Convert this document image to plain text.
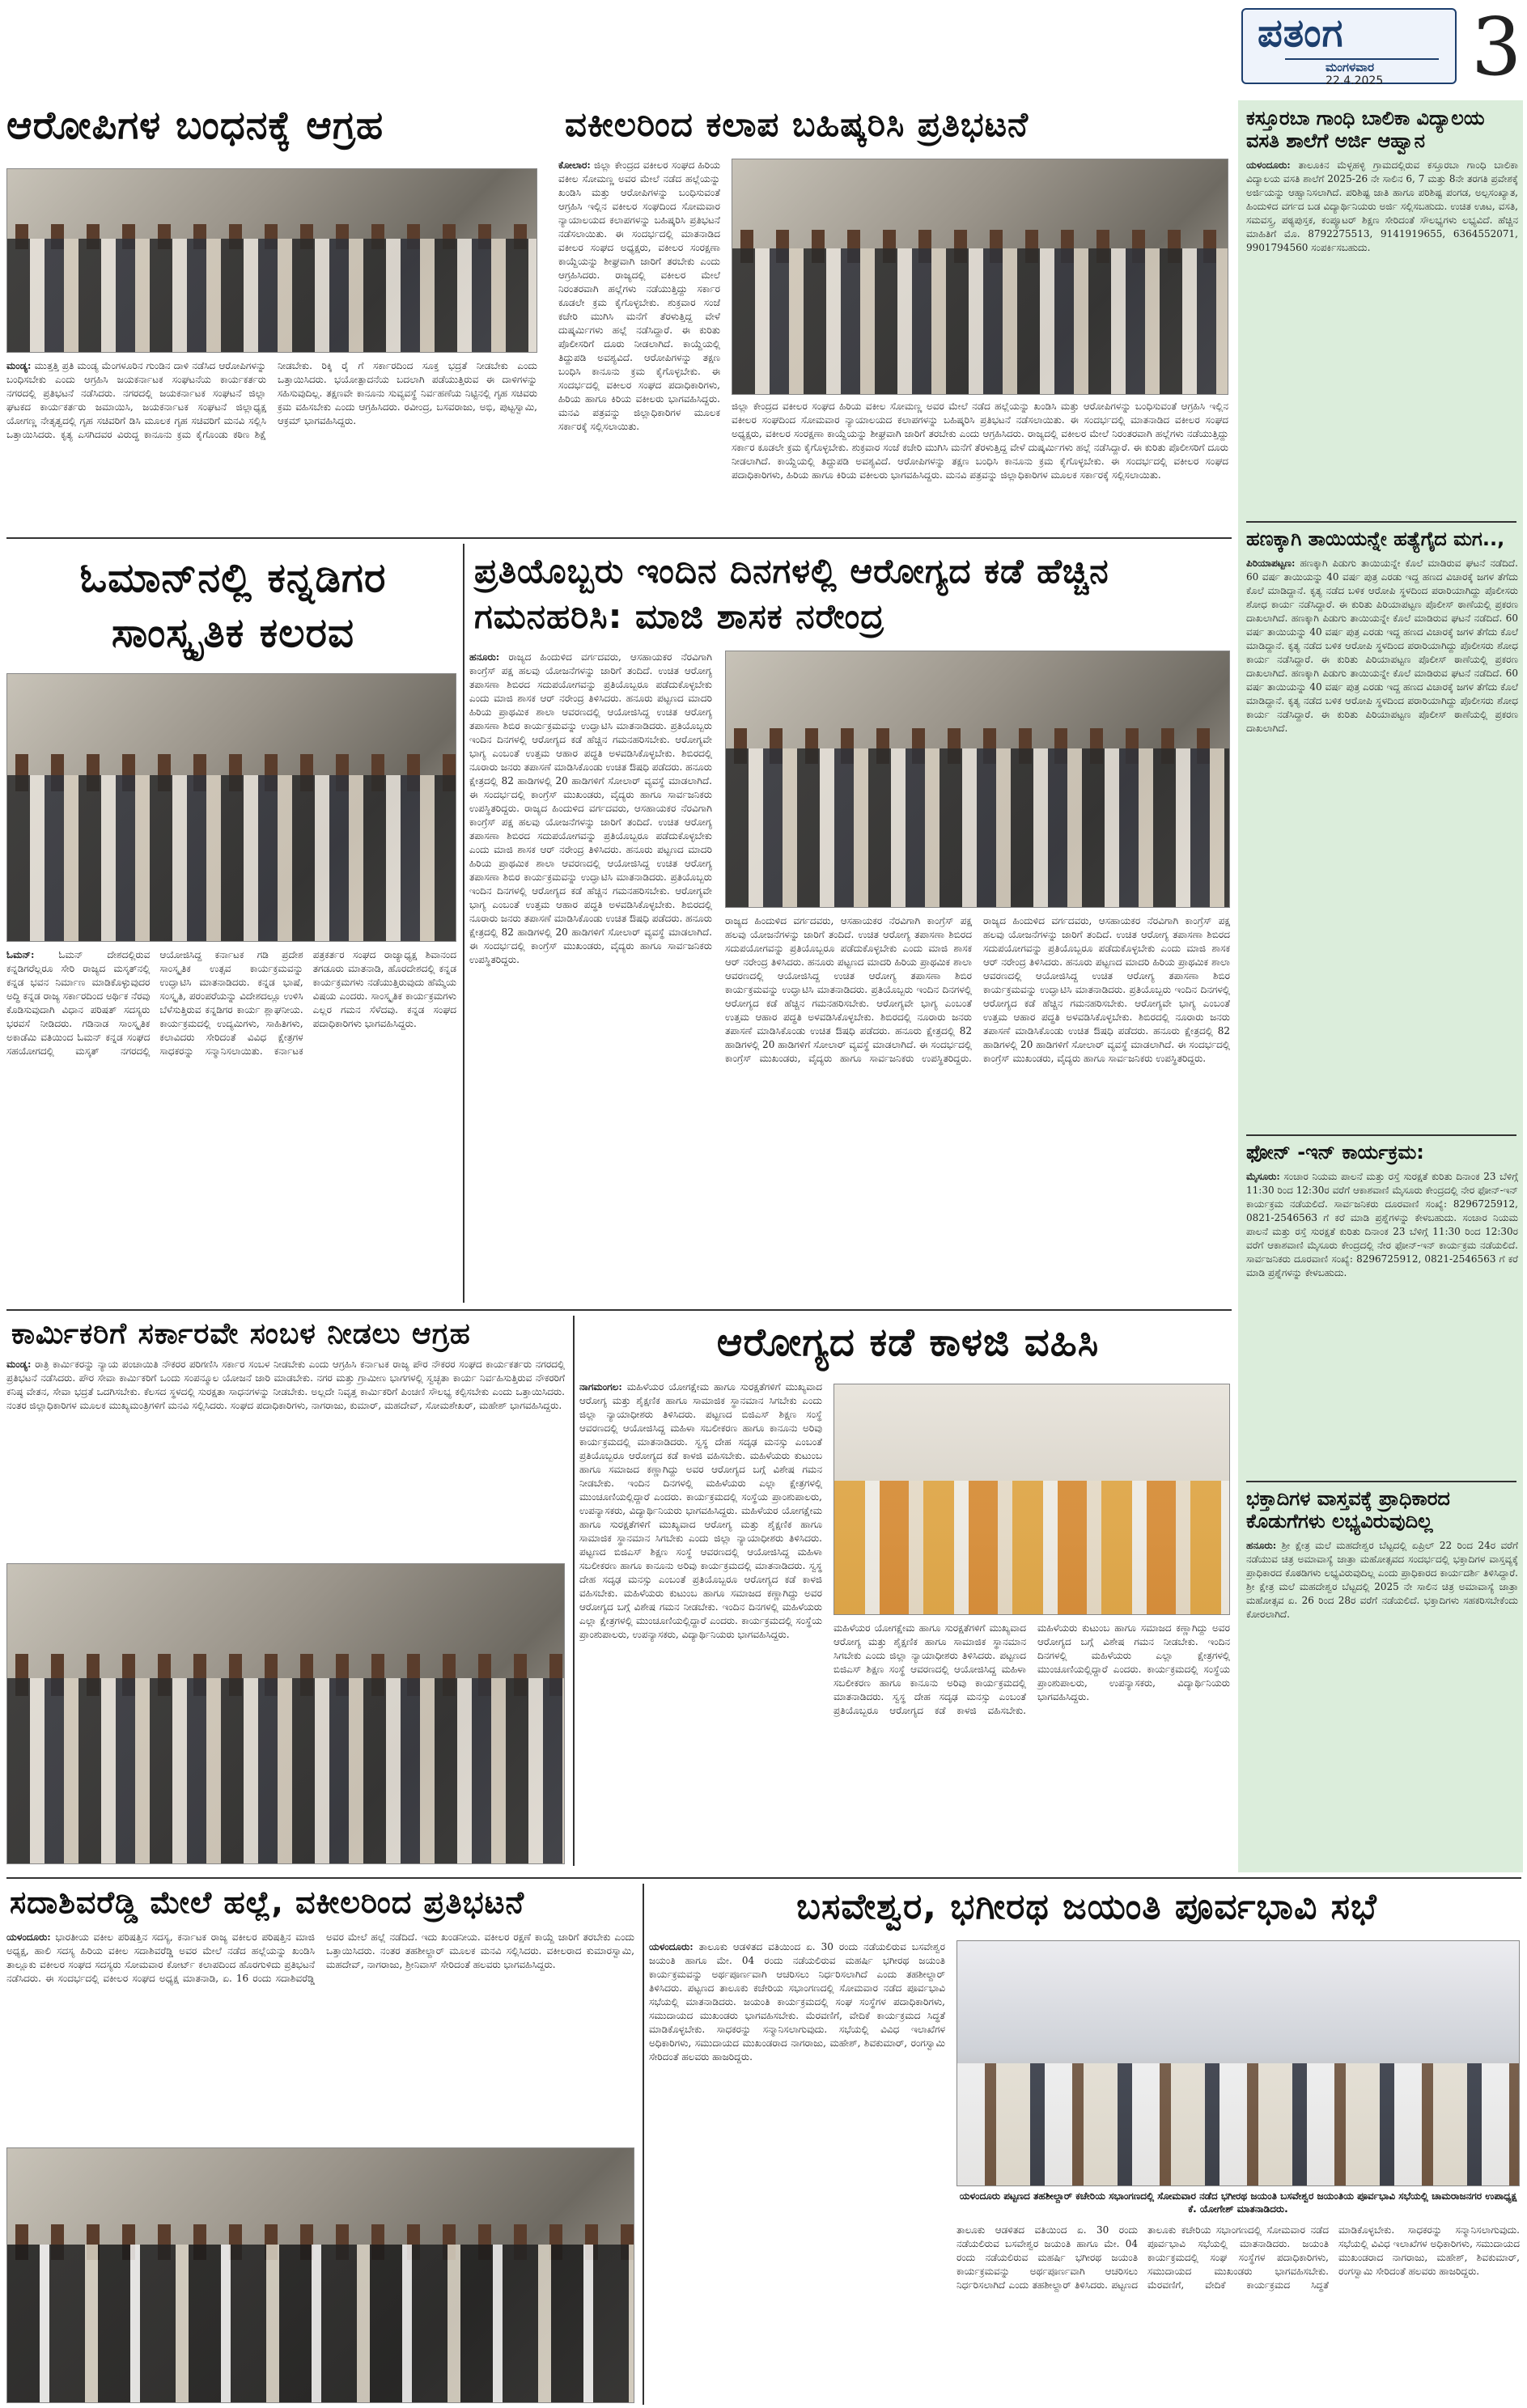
ಪತಂಗ
ಮಂಗಳವಾರ
22.4.2025 3
ಆರೋಪಿಗಳ ಬಂಧನಕ್ಕೆ ಆಗ್ರಹ
ಮಂಡ್ಯ: ಮುತ್ತತ್ತಿ ಪ್ರತಿ ಮಂಡ್ಯ ಮೆಂಗಳೂರಿನ ಗುಂಡಿನ ದಾಳಿ ನಡೆಸಿದ ಆರೋಪಿಗಳನ್ನು ಬಂಧಿಸಬೇಕು ಎಂದು ಆಗ್ರಹಿಸಿ ಜಯಕರ್ನಾಟಕ ಸಂಘಟನೆಯ ಕಾರ್ಯಕರ್ತರು ನಗರದಲ್ಲಿ ಪ್ರತಿಭಟನೆ ನಡೆಸಿದರು. ನಗರದಲ್ಲಿ ಜಯಕರ್ನಾಟಕ ಸಂಘಟನೆ ಜಿಲ್ಲಾ ಘಟಕದ ಕಾರ್ಯಕರ್ತರು ಜಮಾಯಿಸಿ, ಜಯಕರ್ನಾಟಕ ಸಂಘಟನೆ ಜಿಲ್ಲಾಧ್ಯಕ್ಷ ಯೋಗಣ್ಣ ನೇತೃತ್ವದಲ್ಲಿ ಗೃಹ ಸಚಿವರಿಗೆ ಡಿಸಿ ಮೂಲಕ ಗೃಹ ಸಚಿವರಿಗೆ ಮನವಿ ಸಲ್ಲಿಸಿ ಒತ್ತಾಯಿಸಿದರು. ಕೃತ್ಯ ಎಸಗಿದವರ ವಿರುದ್ಧ ಕಾನೂನು ಕ್ರಮ ಕೈಗೊಂಡು ಕಠಿಣ ಶಿಕ್ಷೆ ನೀಡಬೇಕು. ರಿಕ್ಕಿ ರೈ ಗೆ ಸರ್ಕಾರದಿಂದ ಸೂಕ್ತ ಭದ್ರತೆ ನೀಡಬೇಕು ಎಂದು ಒತ್ತಾಯಿಸಿದರು. ಭಯೋತ್ಪಾದನೆಯ ಬದಲಾಗಿ ಪಡೆಯುತ್ತಿರುವ ಈ ದಾಳಿಗಳನ್ನು ಸಹಿಸುವುದಿಲ್ಲ. ತಕ್ಷಣವೇ ಕಾನೂನು ಸುವ್ಯವಸ್ಥೆ ನಿರ್ವಹಣೆಯ ನಿಟ್ಟಿನಲ್ಲಿ ಗೃಹ ಸಚಿವರು ಕ್ರಮ ವಹಿಸಬೇಕು ಎಂದು ಆಗ್ರಹಿಸಿದರು. ರವೀಂದ್ರ, ಬಸವರಾಜು, ಅಭಿ, ಪುಟ್ಟಸ್ವಾಮಿ, ಆಕ್ರಮ್ ಭಾಗವಹಿಸಿದ್ದರು.
ವಕೀಲರಿಂದ ಕಲಾಪ ಬಹಿಷ್ಕರಿಸಿ ಪ್ರತಿಭಟನೆ
ಕೋಲಾರ: ಜಿಲ್ಲಾ ಕೇಂದ್ರದ ವಕೀಲರ ಸಂಘದ ಹಿರಿಯ ವಕೀಲ ಸೋಮಣ್ಣ ಅವರ ಮೇಲೆ ನಡೆದ ಹಲ್ಲೆಯನ್ನು ಖಂಡಿಸಿ ಮತ್ತು ಆರೋಪಿಗಳನ್ನು ಬಂಧಿಸುವಂತೆ ಆಗ್ರಹಿಸಿ ಇಲ್ಲಿನ ವಕೀಲರ ಸಂಘದಿಂದ ಸೋಮವಾರ ನ್ಯಾಯಾಲಯದ ಕಲಾಪಗಳನ್ನು ಬಹಿಷ್ಕರಿಸಿ ಪ್ರತಿಭಟನೆ ನಡೆಸಲಾಯಿತು. ಈ ಸಂದರ್ಭದಲ್ಲಿ ಮಾತನಾಡಿದ ವಕೀಲರ ಸಂಘದ ಅಧ್ಯಕ್ಷರು, ವಕೀಲರ ಸಂರಕ್ಷಣಾ ಕಾಯ್ದೆಯನ್ನು ಶೀಘ್ರವಾಗಿ ಜಾರಿಗೆ ತರಬೇಕು ಎಂದು ಆಗ್ರಹಿಸಿದರು. ರಾಜ್ಯದಲ್ಲಿ ವಕೀಲರ ಮೇಲೆ ನಿರಂತರವಾಗಿ ಹಲ್ಲೆಗಳು ನಡೆಯುತ್ತಿದ್ದು ಸರ್ಕಾರ ಕೂಡಲೇ ಕ್ರಮ ಕೈಗೊಳ್ಳಬೇಕು. ಶುಕ್ರವಾರ ಸಂಜೆ ಕಚೇರಿ ಮುಗಿಸಿ ಮನೆಗೆ ತೆರಳುತ್ತಿದ್ದ ವೇಳೆ ದುಷ್ಕರ್ಮಿಗಳು ಹಲ್ಲೆ ನಡೆಸಿದ್ದಾರೆ. ಈ ಕುರಿತು ಪೊಲೀಸರಿಗೆ ದೂರು ನೀಡಲಾಗಿದೆ. ಕಾಯ್ದೆಯಲ್ಲಿ ತಿದ್ದುಪಡಿ ಅವಶ್ಯವಿದೆ. ಆರೋಪಿಗಳನ್ನು ತಕ್ಷಣ ಬಂಧಿಸಿ ಕಾನೂನು ಕ್ರಮ ಕೈಗೊಳ್ಳಬೇಕು. ಈ ಸಂದರ್ಭದಲ್ಲಿ ವಕೀಲರ ಸಂಘದ ಪದಾಧಿಕಾರಿಗಳು, ಹಿರಿಯ ಹಾಗೂ ಕಿರಿಯ ವಕೀಲರು ಭಾಗವಹಿಸಿದ್ದರು. ಮನವಿ ಪತ್ರವನ್ನು ಜಿಲ್ಲಾಧಿಕಾರಿಗಳ ಮೂಲಕ ಸರ್ಕಾರಕ್ಕೆ ಸಲ್ಲಿಸಲಾಯಿತು.
ಜಿಲ್ಲಾ ಕೇಂದ್ರದ ವಕೀಲರ ಸಂಘದ ಹಿರಿಯ ವಕೀಲ ಸೋಮಣ್ಣ ಅವರ ಮೇಲೆ ನಡೆದ ಹಲ್ಲೆಯನ್ನು ಖಂಡಿಸಿ ಮತ್ತು ಆರೋಪಿಗಳನ್ನು ಬಂಧಿಸುವಂತೆ ಆಗ್ರಹಿಸಿ ಇಲ್ಲಿನ ವಕೀಲರ ಸಂಘದಿಂದ ಸೋಮವಾರ ನ್ಯಾಯಾಲಯದ ಕಲಾಪಗಳನ್ನು ಬಹಿಷ್ಕರಿಸಿ ಪ್ರತಿಭಟನೆ ನಡೆಸಲಾಯಿತು. ಈ ಸಂದರ್ಭದಲ್ಲಿ ಮಾತನಾಡಿದ ವಕೀಲರ ಸಂಘದ ಅಧ್ಯಕ್ಷರು, ವಕೀಲರ ಸಂರಕ್ಷಣಾ ಕಾಯ್ದೆಯನ್ನು ಶೀಘ್ರವಾಗಿ ಜಾರಿಗೆ ತರಬೇಕು ಎಂದು ಆಗ್ರಹಿಸಿದರು. ರಾಜ್ಯದಲ್ಲಿ ವಕೀಲರ ಮೇಲೆ ನಿರಂತರವಾಗಿ ಹಲ್ಲೆಗಳು ನಡೆಯುತ್ತಿದ್ದು ಸರ್ಕಾರ ಕೂಡಲೇ ಕ್ರಮ ಕೈಗೊಳ್ಳಬೇಕು. ಶುಕ್ರವಾರ ಸಂಜೆ ಕಚೇರಿ ಮುಗಿಸಿ ಮನೆಗೆ ತೆರಳುತ್ತಿದ್ದ ವೇಳೆ ದುಷ್ಕರ್ಮಿಗಳು ಹಲ್ಲೆ ನಡೆಸಿದ್ದಾರೆ. ಈ ಕುರಿತು ಪೊಲೀಸರಿಗೆ ದೂರು ನೀಡಲಾಗಿದೆ. ಕಾಯ್ದೆಯಲ್ಲಿ ತಿದ್ದುಪಡಿ ಅವಶ್ಯವಿದೆ. ಆರೋಪಿಗಳನ್ನು ತಕ್ಷಣ ಬಂಧಿಸಿ ಕಾನೂನು ಕ್ರಮ ಕೈಗೊಳ್ಳಬೇಕು. ಈ ಸಂದರ್ಭದಲ್ಲಿ ವಕೀಲರ ಸಂಘದ ಪದಾಧಿಕಾರಿಗಳು, ಹಿರಿಯ ಹಾಗೂ ಕಿರಿಯ ವಕೀಲರು ಭಾಗವಹಿಸಿದ್ದರು. ಮನವಿ ಪತ್ರವನ್ನು ಜಿಲ್ಲಾಧಿಕಾರಿಗಳ ಮೂಲಕ ಸರ್ಕಾರಕ್ಕೆ ಸಲ್ಲಿಸಲಾಯಿತು.
ಕಸ್ತೂರಬಾ ಗಾಂಧಿ ಬಾಲಿಕಾ ವಿದ್ಯಾಲಯ ವಸತಿ ಶಾಲೆಗೆ ಅರ್ಜಿ ಆಹ್ವಾನ
ಯಳಂದೂರು: ತಾಲೂಕಿನ ಮೆಳ್ಳಹಳ್ಳಿ ಗ್ರಾಮದಲ್ಲಿರುವ ಕಸ್ತೂರಬಾ ಗಾಂಧಿ ಬಾಲಿಕಾ ವಿದ್ಯಾಲಯ ವಸತಿ ಶಾಲೆಗೆ 2025-26 ನೇ ಸಾಲಿನ 6, 7 ಮತ್ತು 8ನೇ ತರಗತಿ ಪ್ರವೇಶಕ್ಕೆ ಅರ್ಜಿಯನ್ನು ಆಹ್ವಾನಿಸಲಾಗಿದೆ. ಪರಿಶಿಷ್ಟ ಜಾತಿ ಹಾಗೂ ಪರಿಶಿಷ್ಟ ಪಂಗಡ, ಅಲ್ಪಸಂಖ್ಯಾತ, ಹಿಂದುಳಿದ ವರ್ಗದ ಬಡ ವಿದ್ಯಾರ್ಥಿನಿಯರು ಅರ್ಜಿ ಸಲ್ಲಿಸಬಹುದು. ಉಚಿತ ಊಟ, ವಸತಿ, ಸಮವಸ್ತ್ರ, ಪಠ್ಯಪುಸ್ತಕ, ಕಂಪ್ಯೂಟರ್ ಶಿಕ್ಷಣ ಸೇರಿದಂತೆ ಸೌಲಭ್ಯಗಳು ಲಭ್ಯವಿದೆ. ಹೆಚ್ಚಿನ ಮಾಹಿತಿಗೆ ಮೊ. 8792275513, 9141919655, 6364552071, 9901794560 ಸಂಪರ್ಕಿಸಬಹುದು.
ಹಣಕ್ಕಾಗಿ ತಾಯಿಯನ್ನೇ ಹತ್ಯೆಗೈದ ಮಗ..,
ಪಿರಿಯಾಪಟ್ಟಣ: ಹಣಕ್ಕಾಗಿ ಪಿಡುಗು ತಾಯಿಯನ್ನೇ ಕೊಲೆ ಮಾಡಿರುವ ಘಟನೆ ನಡೆದಿದೆ. 60 ವರ್ಷ ತಾಯಿಯನ್ನು 40 ವರ್ಷ ಪುತ್ರ ಎರಡು ಇದ್ದ ಹಣದ ವಿಚಾರಕ್ಕೆ ಜಗಳ ತೆಗೆದು ಕೊಲೆ ಮಾಡಿದ್ದಾನೆ. ಕೃತ್ಯ ನಡೆದ ಬಳಿಕ ಆರೋಪಿ ಸ್ಥಳದಿಂದ ಪರಾರಿಯಾಗಿದ್ದು ಪೊಲೀಸರು ಶೋಧ ಕಾರ್ಯ ನಡೆಸಿದ್ದಾರೆ. ಈ ಕುರಿತು ಪಿರಿಯಾಪಟ್ಟಣ ಪೊಲೀಸ್ ಠಾಣೆಯಲ್ಲಿ ಪ್ರಕರಣ ದಾಖಲಾಗಿದೆ. ಹಣಕ್ಕಾಗಿ ಪಿಡುಗು ತಾಯಿಯನ್ನೇ ಕೊಲೆ ಮಾಡಿರುವ ಘಟನೆ ನಡೆದಿದೆ. 60 ವರ್ಷ ತಾಯಿಯನ್ನು 40 ವರ್ಷ ಪುತ್ರ ಎರಡು ಇದ್ದ ಹಣದ ವಿಚಾರಕ್ಕೆ ಜಗಳ ತೆಗೆದು ಕೊಲೆ ಮಾಡಿದ್ದಾನೆ. ಕೃತ್ಯ ನಡೆದ ಬಳಿಕ ಆರೋಪಿ ಸ್ಥಳದಿಂದ ಪರಾರಿಯಾಗಿದ್ದು ಪೊಲೀಸರು ಶೋಧ ಕಾರ್ಯ ನಡೆಸಿದ್ದಾರೆ. ಈ ಕುರಿತು ಪಿರಿಯಾಪಟ್ಟಣ ಪೊಲೀಸ್ ಠಾಣೆಯಲ್ಲಿ ಪ್ರಕರಣ ದಾಖಲಾಗಿದೆ. ಹಣಕ್ಕಾಗಿ ಪಿಡುಗು ತಾಯಿಯನ್ನೇ ಕೊಲೆ ಮಾಡಿರುವ ಘಟನೆ ನಡೆದಿದೆ. 60 ವರ್ಷ ತಾಯಿಯನ್ನು 40 ವರ್ಷ ಪುತ್ರ ಎರಡು ಇದ್ದ ಹಣದ ವಿಚಾರಕ್ಕೆ ಜಗಳ ತೆಗೆದು ಕೊಲೆ ಮಾಡಿದ್ದಾನೆ. ಕೃತ್ಯ ನಡೆದ ಬಳಿಕ ಆರೋಪಿ ಸ್ಥಳದಿಂದ ಪರಾರಿಯಾಗಿದ್ದು ಪೊಲೀಸರು ಶೋಧ ಕಾರ್ಯ ನಡೆಸಿದ್ದಾರೆ. ಈ ಕುರಿತು ಪಿರಿಯಾಪಟ್ಟಣ ಪೊಲೀಸ್ ಠಾಣೆಯಲ್ಲಿ ಪ್ರಕರಣ ದಾಖಲಾಗಿದೆ.
ಫೋನ್ -ಇನ್ ಕಾರ್ಯಕ್ರಮ:
ಮೈಸೂರು: ಸಂಚಾರ ನಿಯಮ ಪಾಲನೆ ಮತ್ತು ರಸ್ತೆ ಸುರಕ್ಷತೆ ಕುರಿತು ದಿನಾಂಕ 23 ಬೆಳಿಗ್ಗೆ 11:30 ರಿಂದ 12:30ರ ವರೆಗೆ ಆಕಾಶವಾಣಿ ಮೈಸೂರು ಕೇಂದ್ರದಲ್ಲಿ ನೇರ ಫೋನ್-ಇನ್ ಕಾರ್ಯಕ್ರಮ ನಡೆಯಲಿದೆ. ಸಾರ್ವಜನಿಕರು ದೂರವಾಣಿ ಸಂಖ್ಯೆ: 8296725912, 0821-2546563 ಗೆ ಕರೆ ಮಾಡಿ ಪ್ರಶ್ನೆಗಳನ್ನು ಕೇಳಬಹುದು. ಸಂಚಾರ ನಿಯಮ ಪಾಲನೆ ಮತ್ತು ರಸ್ತೆ ಸುರಕ್ಷತೆ ಕುರಿತು ದಿನಾಂಕ 23 ಬೆಳಿಗ್ಗೆ 11:30 ರಿಂದ 12:30ರ ವರೆಗೆ ಆಕಾಶವಾಣಿ ಮೈಸೂರು ಕೇಂದ್ರದಲ್ಲಿ ನೇರ ಫೋನ್-ಇನ್ ಕಾರ್ಯಕ್ರಮ ನಡೆಯಲಿದೆ. ಸಾರ್ವಜನಿಕರು ದೂರವಾಣಿ ಸಂಖ್ಯೆ: 8296725912, 0821-2546563 ಗೆ ಕರೆ ಮಾಡಿ ಪ್ರಶ್ನೆಗಳನ್ನು ಕೇಳಬಹುದು.
ಭಕ್ತಾದಿಗಳ ವಾಸ್ತವಕ್ಕೆ ಪ್ರಾಧಿಕಾರದ ಕೊಡುಗೆಗಳು ಲಭ್ಯವಿರುವುದಿಲ್ಲ
ಹನೂರು: ಶ್ರೀ ಕ್ಷೇತ್ರ ಮಲೆ ಮಹದೇಶ್ವರ ಬೆಟ್ಟದಲ್ಲಿ ಏಪ್ರಿಲ್ 22 ರಿಂದ 24ರ ವರೆಗೆ ನಡೆಯುವ ಚಿತ್ರ ಅಮಾವಾಸ್ಯೆ ಜಾತ್ರಾ ಮಹೋತ್ಸವದ ಸಂದರ್ಭದಲ್ಲಿ ಭಕ್ತಾದಿಗಳ ವಾಸ್ತವ್ಯಕ್ಕೆ ಪ್ರಾಧಿಕಾರದ ಕೊಠಡಿಗಳು ಲಭ್ಯವಿರುವುದಿಲ್ಲ ಎಂದು ಪ್ರಾಧಿಕಾರದ ಕಾರ್ಯದರ್ಶಿ ತಿಳಿಸಿದ್ದಾರೆ. ಶ್ರೀ ಕ್ಷೇತ್ರ ಮಲೆ ಮಹದೇಶ್ವರ ಬೆಟ್ಟದಲ್ಲಿ 2025 ನೇ ಸಾಲಿನ ಚಿತ್ರ ಅಮಾವಾಸ್ಯೆ ಜಾತ್ರಾ ಮಹೋತ್ಸವ ಏ. 26 ರಿಂದ 28ರ ವರೆಗೆ ನಡೆಯಲಿದೆ. ಭಕ್ತಾದಿಗಳು ಸಹಕರಿಸಬೇಕೆಂದು ಕೋರಲಾಗಿದೆ.
ಓಮಾನ್‌ನಲ್ಲಿ ಕನ್ನಡಿಗರ ಸಾಂಸ್ಕೃತಿಕ ಕಲರವ
ಓಮನ್: ಓಮನ್ ದೇಶದಲ್ಲಿರುವ ಕನ್ನಡಿಗರೆಲ್ಲರೂ ಸೇರಿ ರಾಜ್ಯದ ಮಸ್ಕತ್‌ನಲ್ಲಿ ಕನ್ನಡ ಭವನ ನಿರ್ಮಾಣ ಮಾಡಿಕೊಳ್ಳುವುದರ ಅದ್ಧಿ ಕನ್ನಡ ರಾಜ್ಯ ಸರ್ಕಾರದಿಂದ ಅರ್ಥಿಕ ನೆರವು ಕೊಡಿಸುವುದಾಗಿ ವಿಧಾನ ಪರಿಷತ್ ಸದಸ್ಯರು ಭರವಸೆ ನೀಡಿದರು. ಗಡಿನಾಡ ಸಾಂಸ್ಕೃತಿಕ ಅಕಾಡೆಮಿ ವತಿಯಿಂದ ಓಮನ್ ಕನ್ನಡ ಸಂಘದ ಸಹಯೋಗದಲ್ಲಿ ಮಸ್ಕತ್ ನಗರದಲ್ಲಿ ಆಯೋಜಿಸಿದ್ದ ಕರ್ನಾಟಕ ಗಡಿ ಪ್ರದೇಶ ಸಾಂಸ್ಕೃತಿಕ ಉತ್ಸವ ಕಾರ್ಯಕ್ರಮವನ್ನು ಉದ್ಘಾಟಿಸಿ ಮಾತನಾಡಿದರು. ಕನ್ನಡ ಭಾಷೆ, ಸಂಸ್ಕೃತಿ, ಪರಂಪರೆಯನ್ನು ವಿದೇಶದಲ್ಲೂ ಉಳಿಸಿ ಬೆಳೆಸುತ್ತಿರುವ ಕನ್ನಡಿಗರ ಕಾರ್ಯ ಶ್ಲಾಘನೀಯ. ಕಾರ್ಯಕ್ರಮದಲ್ಲಿ ಉದ್ಯಮಿಗಳು, ಸಾಹಿತಿಗಳು, ಕಲಾವಿದರು ಸೇರಿದಂತೆ ವಿವಿಧ ಕ್ಷೇತ್ರಗಳ ಸಾಧಕರನ್ನು ಸನ್ಮಾನಿಸಲಾಯಿತು. ಕರ್ನಾಟಕ ಪತ್ರಕರ್ತರ ಸಂಘದ ರಾಜ್ಯಾಧ್ಯಕ್ಷ ಶಿವಾನಂದ ತಗಡೂರು ಮಾತನಾಡಿ, ಹೊರದೇಶದಲ್ಲಿ ಕನ್ನಡ ಕಾರ್ಯಕ್ರಮಗಳು ನಡೆಯುತ್ತಿರುವುದು ಹೆಮ್ಮೆಯ ವಿಷಯ ಎಂದರು. ಸಾಂಸ್ಕೃತಿಕ ಕಾರ್ಯಕ್ರಮಗಳು ಎಲ್ಲರ ಗಮನ ಸೆಳೆದವು. ಕನ್ನಡ ಸಂಘದ ಪದಾಧಿಕಾರಿಗಳು ಭಾಗವಹಿಸಿದ್ದರು.
ಪ್ರತಿಯೊಬ್ಬರು ಇಂದಿನ ದಿನಗಳಲ್ಲಿ ಆರೋಗ್ಯದ ಕಡೆ ಹೆಚ್ಚಿನ ಗಮನಹರಿಸಿ: ಮಾಜಿ ಶಾಸಕ ನರೇಂದ್ರ
ಹನೂರು: ರಾಜ್ಯದ ಹಿಂದುಳಿದ ವರ್ಗದವರು, ಆಸಹಾಯಕರ ನೆರವಿಗಾಗಿ ಕಾಂಗ್ರೆಸ್ ಪಕ್ಷ ಹಲವು ಯೋಜನೆಗಳನ್ನು ಜಾರಿಗೆ ತಂದಿದೆ. ಉಚಿತ ಆರೋಗ್ಯ ತಪಾಸಣಾ ಶಿಬಿರದ ಸದುಪಯೋಗವನ್ನು ಪ್ರತಿಯೊಬ್ಬರೂ ಪಡೆದುಕೊಳ್ಳಬೇಕು ಎಂದು ಮಾಜಿ ಶಾಸಕ ಆರ್ ನರೇಂದ್ರ ತಿಳಿಸಿದರು. ಹನೂರು ಪಟ್ಟಣದ ಮಾದರಿ ಹಿರಿಯ ಪ್ರಾಥಮಿಕ ಶಾಲಾ ಆವರಣದಲ್ಲಿ ಆಯೋಜಿಸಿದ್ದ ಉಚಿತ ಆರೋಗ್ಯ ತಪಾಸಣಾ ಶಿಬಿರ ಕಾರ್ಯಕ್ರಮವನ್ನು ಉದ್ಘಾಟಿಸಿ ಮಾತನಾಡಿದರು. ಪ್ರತಿಯೊಬ್ಬರು ಇಂದಿನ ದಿನಗಳಲ್ಲಿ ಆರೋಗ್ಯದ ಕಡೆ ಹೆಚ್ಚಿನ ಗಮನಹರಿಸಬೇಕು. ಆರೋಗ್ಯವೇ ಭಾಗ್ಯ ಎಂಬಂತೆ ಉತ್ತಮ ಆಹಾರ ಪದ್ಧತಿ ಅಳವಡಿಸಿಕೊಳ್ಳಬೇಕು. ಶಿಬಿರದಲ್ಲಿ ನೂರಾರು ಜನರು ತಪಾಸಣೆ ಮಾಡಿಸಿಕೊಂಡು ಉಚಿತ ಔಷಧಿ ಪಡೆದರು. ಹನೂರು ಕ್ಷೇತ್ರದಲ್ಲಿ 82 ಹಾಡಿಗಳಲ್ಲಿ 20 ಹಾಡಿಗಳಿಗೆ ಸೋಲಾರ್ ವ್ಯವಸ್ಥೆ ಮಾಡಲಾಗಿದೆ. ಈ ಸಂದರ್ಭದಲ್ಲಿ ಕಾಂಗ್ರೆಸ್ ಮುಖಂಡರು, ವೈದ್ಯರು ಹಾಗೂ ಸಾರ್ವಜನಿಕರು ಉಪಸ್ಥಿತರಿದ್ದರು. ರಾಜ್ಯದ ಹಿಂದುಳಿದ ವರ್ಗದವರು, ಆಸಹಾಯಕರ ನೆರವಿಗಾಗಿ ಕಾಂಗ್ರೆಸ್ ಪಕ್ಷ ಹಲವು ಯೋಜನೆಗಳನ್ನು ಜಾರಿಗೆ ತಂದಿದೆ. ಉಚಿತ ಆರೋಗ್ಯ ತಪಾಸಣಾ ಶಿಬಿರದ ಸದುಪಯೋಗವನ್ನು ಪ್ರತಿಯೊಬ್ಬರೂ ಪಡೆದುಕೊಳ್ಳಬೇಕು ಎಂದು ಮಾಜಿ ಶಾಸಕ ಆರ್ ನರೇಂದ್ರ ತಿಳಿಸಿದರು. ಹನೂರು ಪಟ್ಟಣದ ಮಾದರಿ ಹಿರಿಯ ಪ್ರಾಥಮಿಕ ಶಾಲಾ ಆವರಣದಲ್ಲಿ ಆಯೋಜಿಸಿದ್ದ ಉಚಿತ ಆರೋಗ್ಯ ತಪಾಸಣಾ ಶಿಬಿರ ಕಾರ್ಯಕ್ರಮವನ್ನು ಉದ್ಘಾಟಿಸಿ ಮಾತನಾಡಿದರು. ಪ್ರತಿಯೊಬ್ಬರು ಇಂದಿನ ದಿನಗಳಲ್ಲಿ ಆರೋಗ್ಯದ ಕಡೆ ಹೆಚ್ಚಿನ ಗಮನಹರಿಸಬೇಕು. ಆರೋಗ್ಯವೇ ಭಾಗ್ಯ ಎಂಬಂತೆ ಉತ್ತಮ ಆಹಾರ ಪದ್ಧತಿ ಅಳವಡಿಸಿಕೊಳ್ಳಬೇಕು. ಶಿಬಿರದಲ್ಲಿ ನೂರಾರು ಜನರು ತಪಾಸಣೆ ಮಾಡಿಸಿಕೊಂಡು ಉಚಿತ ಔಷಧಿ ಪಡೆದರು. ಹನೂರು ಕ್ಷೇತ್ರದಲ್ಲಿ 82 ಹಾಡಿಗಳಲ್ಲಿ 20 ಹಾಡಿಗಳಿಗೆ ಸೋಲಾರ್ ವ್ಯವಸ್ಥೆ ಮಾಡಲಾಗಿದೆ. ಈ ಸಂದರ್ಭದಲ್ಲಿ ಕಾಂಗ್ರೆಸ್ ಮುಖಂಡರು, ವೈದ್ಯರು ಹಾಗೂ ಸಾರ್ವಜನಿಕರು ಉಪಸ್ಥಿತರಿದ್ದರು.
ರಾಜ್ಯದ ಹಿಂದುಳಿದ ವರ್ಗದವರು, ಆಸಹಾಯಕರ ನೆರವಿಗಾಗಿ ಕಾಂಗ್ರೆಸ್ ಪಕ್ಷ ಹಲವು ಯೋಜನೆಗಳನ್ನು ಜಾರಿಗೆ ತಂದಿದೆ. ಉಚಿತ ಆರೋಗ್ಯ ತಪಾಸಣಾ ಶಿಬಿರದ ಸದುಪಯೋಗವನ್ನು ಪ್ರತಿಯೊಬ್ಬರೂ ಪಡೆದುಕೊಳ್ಳಬೇಕು ಎಂದು ಮಾಜಿ ಶಾಸಕ ಆರ್ ನರೇಂದ್ರ ತಿಳಿಸಿದರು. ಹನೂರು ಪಟ್ಟಣದ ಮಾದರಿ ಹಿರಿಯ ಪ್ರಾಥಮಿಕ ಶಾಲಾ ಆವರಣದಲ್ಲಿ ಆಯೋಜಿಸಿದ್ದ ಉಚಿತ ಆರೋಗ್ಯ ತಪಾಸಣಾ ಶಿಬಿರ ಕಾರ್ಯಕ್ರಮವನ್ನು ಉದ್ಘಾಟಿಸಿ ಮಾತನಾಡಿದರು. ಪ್ರತಿಯೊಬ್ಬರು ಇಂದಿನ ದಿನಗಳಲ್ಲಿ ಆರೋಗ್ಯದ ಕಡೆ ಹೆಚ್ಚಿನ ಗಮನಹರಿಸಬೇಕು. ಆರೋಗ್ಯವೇ ಭಾಗ್ಯ ಎಂಬಂತೆ ಉತ್ತಮ ಆಹಾರ ಪದ್ಧತಿ ಅಳವಡಿಸಿಕೊಳ್ಳಬೇಕು. ಶಿಬಿರದಲ್ಲಿ ನೂರಾರು ಜನರು ತಪಾಸಣೆ ಮಾಡಿಸಿಕೊಂಡು ಉಚಿತ ಔಷಧಿ ಪಡೆದರು. ಹನೂರು ಕ್ಷೇತ್ರದಲ್ಲಿ 82 ಹಾಡಿಗಳಲ್ಲಿ 20 ಹಾಡಿಗಳಿಗೆ ಸೋಲಾರ್ ವ್ಯವಸ್ಥೆ ಮಾಡಲಾಗಿದೆ. ಈ ಸಂದರ್ಭದಲ್ಲಿ ಕಾಂಗ್ರೆಸ್ ಮುಖಂಡರು, ವೈದ್ಯರು ಹಾಗೂ ಸಾರ್ವಜನಿಕರು ಉಪಸ್ಥಿತರಿದ್ದರು. ರಾಜ್ಯದ ಹಿಂದುಳಿದ ವರ್ಗದವರು, ಆಸಹಾಯಕರ ನೆರವಿಗಾಗಿ ಕಾಂಗ್ರೆಸ್ ಪಕ್ಷ ಹಲವು ಯೋಜನೆಗಳನ್ನು ಜಾರಿಗೆ ತಂದಿದೆ. ಉಚಿತ ಆರೋಗ್ಯ ತಪಾಸಣಾ ಶಿಬಿರದ ಸದುಪಯೋಗವನ್ನು ಪ್ರತಿಯೊಬ್ಬರೂ ಪಡೆದುಕೊಳ್ಳಬೇಕು ಎಂದು ಮಾಜಿ ಶಾಸಕ ಆರ್ ನರೇಂದ್ರ ತಿಳಿಸಿದರು. ಹನೂರು ಪಟ್ಟಣದ ಮಾದರಿ ಹಿರಿಯ ಪ್ರಾಥಮಿಕ ಶಾಲಾ ಆವರಣದಲ್ಲಿ ಆಯೋಜಿಸಿದ್ದ ಉಚಿತ ಆರೋಗ್ಯ ತಪಾಸಣಾ ಶಿಬಿರ ಕಾರ್ಯಕ್ರಮವನ್ನು ಉದ್ಘಾಟಿಸಿ ಮಾತನಾಡಿದರು. ಪ್ರತಿಯೊಬ್ಬರು ಇಂದಿನ ದಿನಗಳಲ್ಲಿ ಆರೋಗ್ಯದ ಕಡೆ ಹೆಚ್ಚಿನ ಗಮನಹರಿಸಬೇಕು. ಆರೋಗ್ಯವೇ ಭಾಗ್ಯ ಎಂಬಂತೆ ಉತ್ತಮ ಆಹಾರ ಪದ್ಧತಿ ಅಳವಡಿಸಿಕೊಳ್ಳಬೇಕು. ಶಿಬಿರದಲ್ಲಿ ನೂರಾರು ಜನರು ತಪಾಸಣೆ ಮಾಡಿಸಿಕೊಂಡು ಉಚಿತ ಔಷಧಿ ಪಡೆದರು. ಹನೂರು ಕ್ಷೇತ್ರದಲ್ಲಿ 82 ಹಾಡಿಗಳಲ್ಲಿ 20 ಹಾಡಿಗಳಿಗೆ ಸೋಲಾರ್ ವ್ಯವಸ್ಥೆ ಮಾಡಲಾಗಿದೆ. ಈ ಸಂದರ್ಭದಲ್ಲಿ ಕಾಂಗ್ರೆಸ್ ಮುಖಂಡರು, ವೈದ್ಯರು ಹಾಗೂ ಸಾರ್ವಜನಿಕರು ಉಪಸ್ಥಿತರಿದ್ದರು.
ಕಾರ್ಮಿಕರಿಗೆ ಸರ್ಕಾರವೇ ಸಂಬಳ ನೀಡಲು ಆಗ್ರಹ
ಮಂಡ್ಯ: ರಾತ್ರಿ ಕಾರ್ಮಿಕರನ್ನು ನ್ಯಾಯ ಪಂಚಾಯಿತಿ ನೌಕರರ ಪರಿಗಣಿಸಿ ಸರ್ಕಾರ ಸಂಬಳ ನೀಡಬೇಕು ಎಂದು ಆಗ್ರಹಿಸಿ ಕರ್ನಾಟಕ ರಾಜ್ಯ ಪೌರ ನೌಕರರ ಸಂಘದ ಕಾರ್ಯಕರ್ತರು ನಗರದಲ್ಲಿ ಪ್ರತಿಭಟನೆ ನಡೆಸಿದರು. ಪೌರ ಸೇವಾ ಕಾರ್ಮಿಕರಿಗೆ ಒಂದು ಸಂಪನ್ಮೂಲ ಯೋಜನೆ ಜಾರಿ ಮಾಡಬೇಕು. ನಗರ ಮತ್ತು ಗ್ರಾಮೀಣ ಭಾಗಗಳಲ್ಲಿ ಸ್ವಚ್ಛತಾ ಕಾರ್ಯ ನಿರ್ವಹಿಸುತ್ತಿರುವ ನೌಕರರಿಗೆ ಕನಿಷ್ಠ ವೇತನ, ಸೇವಾ ಭದ್ರತೆ ಒದಗಿಸಬೇಕು. ಕೆಲಸದ ಸ್ಥಳದಲ್ಲಿ ಸುರಕ್ಷತಾ ಸಾಧನಗಳನ್ನು ನೀಡಬೇಕು. ಅಲ್ಲದೇ ನಿವೃತ್ತ ಕಾರ್ಮಿಕರಿಗೆ ಪಿಂಚಣಿ ಸೌಲಭ್ಯ ಕಲ್ಪಿಸಬೇಕು ಎಂದು ಒತ್ತಾಯಿಸಿದರು. ನಂತರ ಜಿಲ್ಲಾಧಿಕಾರಿಗಳ ಮೂಲಕ ಮುಖ್ಯಮಂತ್ರಿಗಳಿಗೆ ಮನವಿ ಸಲ್ಲಿಸಿದರು. ಸಂಘದ ಪದಾಧಿಕಾರಿಗಳು, ನಾಗರಾಜು, ಕುಮಾರ್, ಮಹದೇವ್, ಸೋಮಶೇಖರ್, ಮಹೇಶ್ ಭಾಗವಹಿಸಿದ್ದರು.
ಆರೋಗ್ಯದ ಕಡೆ ಕಾಳಜಿ ವಹಿಸಿ
ನಾಗಮಂಗಲ: ಮಹಿಳೆಯರ ಯೋಗಕ್ಷೇಮ ಹಾಗೂ ಸುರಕ್ಷತೆಗಳಿಗೆ ಮುಖ್ಯವಾದ ಆರೋಗ್ಯ ಮತ್ತು ಶೈಕ್ಷಣಿಕ ಹಾಗೂ ಸಾಮಾಜಿಕ ಸ್ಥಾನಮಾನ ಸಿಗಬೇಕು ಎಂದು ಜಿಲ್ಲಾ ನ್ಯಾಯಾಧೀಶರು ತಿಳಿಸಿದರು. ಪಟ್ಟಣದ ಬಿಜಿಎಸ್ ಶಿಕ್ಷಣ ಸಂಸ್ಥೆ ಆವರಣದಲ್ಲಿ ಆಯೋಜಿಸಿದ್ದ ಮಹಿಳಾ ಸಬಲೀಕರಣ ಹಾಗೂ ಕಾನೂನು ಅರಿವು ಕಾರ್ಯಕ್ರಮದಲ್ಲಿ ಮಾತನಾಡಿದರು. ಸ್ವಸ್ಥ ದೇಹ ಸದೃಢ ಮನಸ್ಸು ಎಂಬಂತೆ ಪ್ರತಿಯೊಬ್ಬರೂ ಆರೋಗ್ಯದ ಕಡೆ ಕಾಳಜಿ ವಹಿಸಬೇಕು. ಮಹಿಳೆಯರು ಕುಟುಂಬ ಹಾಗೂ ಸಮಾಜದ ಕಣ್ಣಾಗಿದ್ದು ಅವರ ಆರೋಗ್ಯದ ಬಗ್ಗೆ ವಿಶೇಷ ಗಮನ ನೀಡಬೇಕು. ಇಂದಿನ ದಿನಗಳಲ್ಲಿ ಮಹಿಳೆಯರು ಎಲ್ಲಾ ಕ್ಷೇತ್ರಗಳಲ್ಲಿ ಮುಂಚೂಣಿಯಲ್ಲಿದ್ದಾರೆ ಎಂದರು. ಕಾರ್ಯಕ್ರಮದಲ್ಲಿ ಸಂಸ್ಥೆಯ ಪ್ರಾಂಶುಪಾಲರು, ಉಪನ್ಯಾಸಕರು, ವಿದ್ಯಾರ್ಥಿನಿಯರು ಭಾಗವಹಿಸಿದ್ದರು. ಮಹಿಳೆಯರ ಯೋಗಕ್ಷೇಮ ಹಾಗೂ ಸುರಕ್ಷತೆಗಳಿಗೆ ಮುಖ್ಯವಾದ ಆರೋಗ್ಯ ಮತ್ತು ಶೈಕ್ಷಣಿಕ ಹಾಗೂ ಸಾಮಾಜಿಕ ಸ್ಥಾನಮಾನ ಸಿಗಬೇಕು ಎಂದು ಜಿಲ್ಲಾ ನ್ಯಾಯಾಧೀಶರು ತಿಳಿಸಿದರು. ಪಟ್ಟಣದ ಬಿಜಿಎಸ್ ಶಿಕ್ಷಣ ಸಂಸ್ಥೆ ಆವರಣದಲ್ಲಿ ಆಯೋಜಿಸಿದ್ದ ಮಹಿಳಾ ಸಬಲೀಕರಣ ಹಾಗೂ ಕಾನೂನು ಅರಿವು ಕಾರ್ಯಕ್ರಮದಲ್ಲಿ ಮಾತನಾಡಿದರು. ಸ್ವಸ್ಥ ದೇಹ ಸದೃಢ ಮನಸ್ಸು ಎಂಬಂತೆ ಪ್ರತಿಯೊಬ್ಬರೂ ಆರೋಗ್ಯದ ಕಡೆ ಕಾಳಜಿ ವಹಿಸಬೇಕು. ಮಹಿಳೆಯರು ಕುಟುಂಬ ಹಾಗೂ ಸಮಾಜದ ಕಣ್ಣಾಗಿದ್ದು ಅವರ ಆರೋಗ್ಯದ ಬಗ್ಗೆ ವಿಶೇಷ ಗಮನ ನೀಡಬೇಕು. ಇಂದಿನ ದಿನಗಳಲ್ಲಿ ಮಹಿಳೆಯರು ಎಲ್ಲಾ ಕ್ಷೇತ್ರಗಳಲ್ಲಿ ಮುಂಚೂಣಿಯಲ್ಲಿದ್ದಾರೆ ಎಂದರು. ಕಾರ್ಯಕ್ರಮದಲ್ಲಿ ಸಂಸ್ಥೆಯ ಪ್ರಾಂಶುಪಾಲರು, ಉಪನ್ಯಾಸಕರು, ವಿದ್ಯಾರ್ಥಿನಿಯರು ಭಾಗವಹಿಸಿದ್ದರು.
ಮಹಿಳೆಯರ ಯೋಗಕ್ಷೇಮ ಹಾಗೂ ಸುರಕ್ಷತೆಗಳಿಗೆ ಮುಖ್ಯವಾದ ಆರೋಗ್ಯ ಮತ್ತು ಶೈಕ್ಷಣಿಕ ಹಾಗೂ ಸಾಮಾಜಿಕ ಸ್ಥಾನಮಾನ ಸಿಗಬೇಕು ಎಂದು ಜಿಲ್ಲಾ ನ್ಯಾಯಾಧೀಶರು ತಿಳಿಸಿದರು. ಪಟ್ಟಣದ ಬಿಜಿಎಸ್ ಶಿಕ್ಷಣ ಸಂಸ್ಥೆ ಆವರಣದಲ್ಲಿ ಆಯೋಜಿಸಿದ್ದ ಮಹಿಳಾ ಸಬಲೀಕರಣ ಹಾಗೂ ಕಾನೂನು ಅರಿವು ಕಾರ್ಯಕ್ರಮದಲ್ಲಿ ಮಾತನಾಡಿದರು. ಸ್ವಸ್ಥ ದೇಹ ಸದೃಢ ಮನಸ್ಸು ಎಂಬಂತೆ ಪ್ರತಿಯೊಬ್ಬರೂ ಆರೋಗ್ಯದ ಕಡೆ ಕಾಳಜಿ ವಹಿಸಬೇಕು. ಮಹಿಳೆಯರು ಕುಟುಂಬ ಹಾಗೂ ಸಮಾಜದ ಕಣ್ಣಾಗಿದ್ದು ಅವರ ಆರೋಗ್ಯದ ಬಗ್ಗೆ ವಿಶೇಷ ಗಮನ ನೀಡಬೇಕು. ಇಂದಿನ ದಿನಗಳಲ್ಲಿ ಮಹಿಳೆಯರು ಎಲ್ಲಾ ಕ್ಷೇತ್ರಗಳಲ್ಲಿ ಮುಂಚೂಣಿಯಲ್ಲಿದ್ದಾರೆ ಎಂದರು. ಕಾರ್ಯಕ್ರಮದಲ್ಲಿ ಸಂಸ್ಥೆಯ ಪ್ರಾಂಶುಪಾಲರು, ಉಪನ್ಯಾಸಕರು, ವಿದ್ಯಾರ್ಥಿನಿಯರು ಭಾಗವಹಿಸಿದ್ದರು.
ಸದಾಶಿವರೆಡ್ಡಿ ಮೇಲೆ ಹಲ್ಲೆ, ವಕೀಲರಿಂದ ಪ್ರತಿಭಟನೆ
ಯಳಂದೂರು: ಭಾರತೀಯ ವಕೀಲ ಪರಿಷತ್ತಿನ ಸದಸ್ಯ, ಕರ್ನಾಟಕ ರಾಜ್ಯ ವಕೀಲರ ಪರಿಷತ್ತಿನ ಮಾಜಿ ಅಧ್ಯಕ್ಷ, ಹಾಲಿ ಸದಸ್ಯ ಹಿರಿಯ ವಕೀಲ ಸದಾಶಿವರೆಡ್ಡಿ ಅವರ ಮೇಲೆ ನಡೆದ ಹಲ್ಲೆಯನ್ನು ಖಂಡಿಸಿ ತಾಲ್ಲೂಕು ವಕೀಲರ ಸಂಘದ ಸದಸ್ಯರು ಸೋಮವಾರ ಕೋರ್ಟ್ ಕಲಾಪದಿಂದ ಹೊರಗುಳಿದು ಪ್ರತಿಭಟನೆ ನಡೆಸಿದರು. ಈ ಸಂದರ್ಭದಲ್ಲಿ ವಕೀಲರ ಸಂಘದ ಅಧ್ಯಕ್ಷ ಮಾತನಾಡಿ, ಏ. 16 ರಂದು ಸದಾಶಿವರೆಡ್ಡಿ ಅವರ ಮೇಲೆ ಹಲ್ಲೆ ನಡೆದಿದೆ. ಇದು ಖಂಡನೀಯ. ವಕೀಲರ ರಕ್ಷಣೆ ಕಾಯ್ದೆ ಜಾರಿಗೆ ತರಬೇಕು ಎಂದು ಒತ್ತಾಯಿಸಿದರು. ನಂತರ ತಹಶೀಲ್ದಾರ್ ಮೂಲಕ ಮನವಿ ಸಲ್ಲಿಸಿದರು. ವಕೀಲರಾದ ಕುಮಾರಸ್ವಾಮಿ, ಮಹದೇವ್, ನಾಗರಾಜು, ಶ್ರೀನಿವಾಸ್ ಸೇರಿದಂತೆ ಹಲವರು ಭಾಗವಹಿಸಿದ್ದರು.
ಬಸವೇಶ್ವರ, ಭಗೀರಥ ಜಯಂತಿ ಪೂರ್ವಭಾವಿ ಸಭೆ
ಯಳಂದೂರು: ತಾಲೂಕು ಆಡಳಿತದ ವತಿಯಿಂದ ಏ. 30 ರಂದು ನಡೆಯಲಿರುವ ಬಸವೇಶ್ವರ ಜಯಂತಿ ಹಾಗೂ ಮೇ. 04 ರಂದು ನಡೆಯಲಿರುವ ಮಹರ್ಷಿ ಭಗೀರಥ ಜಯಂತಿ ಕಾರ್ಯಕ್ರಮವನ್ನು ಅರ್ಥಪೂರ್ಣವಾಗಿ ಆಚರಿಸಲು ನಿರ್ಧರಿಸಲಾಗಿದೆ ಎಂದು ತಹಶೀಲ್ದಾರ್ ತಿಳಿಸಿದರು. ಪಟ್ಟಣದ ತಾಲೂಕು ಕಚೇರಿಯ ಸಭಾಂಗಣದಲ್ಲಿ ಸೋಮವಾರ ನಡೆದ ಪೂರ್ವಭಾವಿ ಸಭೆಯಲ್ಲಿ ಮಾತನಾಡಿದರು. ಜಯಂತಿ ಕಾರ್ಯಕ್ರಮದಲ್ಲಿ ಸಂಘ ಸಂಸ್ಥೆಗಳ ಪದಾಧಿಕಾರಿಗಳು, ಸಮುದಾಯದ ಮುಖಂಡರು ಭಾಗವಹಿಸಬೇಕು. ಮೆರವಣಿಗೆ, ವೇದಿಕೆ ಕಾರ್ಯಕ್ರಮದ ಸಿದ್ಧತೆ ಮಾಡಿಕೊಳ್ಳಬೇಕು. ಸಾಧಕರನ್ನು ಸನ್ಮಾನಿಸಲಾಗುವುದು. ಸಭೆಯಲ್ಲಿ ವಿವಿಧ ಇಲಾಖೆಗಳ ಅಧಿಕಾರಿಗಳು, ಸಮುದಾಯದ ಮುಖಂಡರಾದ ನಾಗರಾಜು, ಮಹೇಶ್, ಶಿವಕುಮಾರ್, ರಂಗಸ್ವಾಮಿ ಸೇರಿದಂತೆ ಹಲವರು ಹಾಜರಿದ್ದರು.
ಯಳಂದೂರು ಪಟ್ಟಣದ ತಹಶೀಲ್ದಾರ್ ಕಚೇರಿಯ ಸಭಾಂಗಣದಲ್ಲಿ ಸೋಮವಾರ ನಡೆದ ಭಗೀರಥ ಜಯಂತಿ ಬಸವೇಶ್ವರ ಜಯಂತಿಯ ಪೂರ್ವಭಾವಿ ಸಭೆಯಲ್ಲಿ ಚಾಮರಾಜನಗರ ಉಪಾಧ್ಯಕ್ಷ ಕೆ. ಯೋಗೇಶ್ ಮಾತನಾಡಿದರು.
ತಾಲೂಕು ಆಡಳಿತದ ವತಿಯಿಂದ ಏ. 30 ರಂದು ನಡೆಯಲಿರುವ ಬಸವೇಶ್ವರ ಜಯಂತಿ ಹಾಗೂ ಮೇ. 04 ರಂದು ನಡೆಯಲಿರುವ ಮಹರ್ಷಿ ಭಗೀರಥ ಜಯಂತಿ ಕಾರ್ಯಕ್ರಮವನ್ನು ಅರ್ಥಪೂರ್ಣವಾಗಿ ಆಚರಿಸಲು ನಿರ್ಧರಿಸಲಾಗಿದೆ ಎಂದು ತಹಶೀಲ್ದಾರ್ ತಿಳಿಸಿದರು. ಪಟ್ಟಣದ ತಾಲೂಕು ಕಚೇರಿಯ ಸಭಾಂಗಣದಲ್ಲಿ ಸೋಮವಾರ ನಡೆದ ಪೂರ್ವಭಾವಿ ಸಭೆಯಲ್ಲಿ ಮಾತನಾಡಿದರು. ಜಯಂತಿ ಕಾರ್ಯಕ್ರಮದಲ್ಲಿ ಸಂಘ ಸಂಸ್ಥೆಗಳ ಪದಾಧಿಕಾರಿಗಳು, ಸಮುದಾಯದ ಮುಖಂಡರು ಭಾಗವಹಿಸಬೇಕು. ಮೆರವಣಿಗೆ, ವೇದಿಕೆ ಕಾರ್ಯಕ್ರಮದ ಸಿದ್ಧತೆ ಮಾಡಿಕೊಳ್ಳಬೇಕು. ಸಾಧಕರನ್ನು ಸನ್ಮಾನಿಸಲಾಗುವುದು. ಸಭೆಯಲ್ಲಿ ವಿವಿಧ ಇಲಾಖೆಗಳ ಅಧಿಕಾರಿಗಳು, ಸಮುದಾಯದ ಮುಖಂಡರಾದ ನಾಗರಾಜು, ಮಹೇಶ್, ಶಿವಕುಮಾರ್, ರಂಗಸ್ವಾಮಿ ಸೇರಿದಂತೆ ಹಲವರು ಹಾಜರಿದ್ದರು.
